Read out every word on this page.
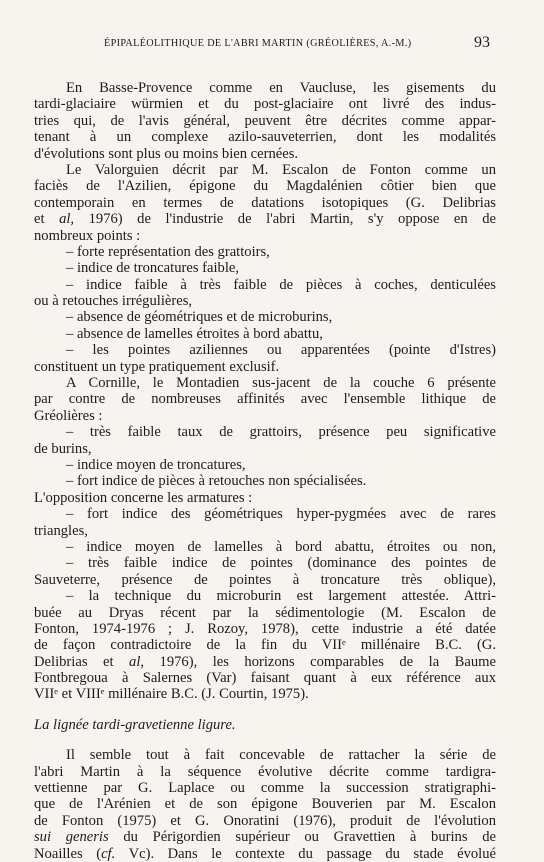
ÉPIPALÉOLITHIQUE DE L'ABRI MARTIN (GRÉOLIÈRES, A.-M.)	93
En Basse-Provence comme en Vaucluse, les gisements du
tardi-glaciaire würmien et du post-glaciaire ont livré des indus-
tries qui, de l'avis général, peuvent être décrites comme appar-
tenant à un complexe azilo-sauveterrien, dont les modalités
d'évolutions sont plus ou moins bien cernées.
Le Valorguien décrit par M. Escalon de Fonton comme un
faciès de l'Azilien, épigone du Magdalénien côtier bien que
contemporain en termes de datations isotopiques (G. Delibrias
et al, 1976) de l'industrie de l'abri Martin, s'y oppose en de
nombreux points :
– forte représentation des grattoirs,
– indice de troncatures faible,
– indice faible à très faible de pièces à coches, denticulées
ou à retouches irrégulières,
– absence de géométriques et de microburins,
– absence de lamelles étroites à bord abattu,
– les pointes aziliennes ou apparentées (pointe d'Istres)
constituent un type pratiquement exclusif.
A Cornille, le Montadien sus-jacent de la couche 6 présente
par contre de nombreuses affinités avec l'ensemble lithique de
Gréolières :
– très faible taux de grattoirs, présence peu significative
de burins,
– indice moyen de troncatures,
– fort indice de pièces à retouches non spécialisées.
L'opposition concerne les armatures :
– fort indice des géométriques hyper-pygmées avec de rares
triangles,
– indice moyen de lamelles à bord abattu, étroites ou non,
– très faible indice de pointes (dominance des pointes de
Sauveterre, présence de pointes à troncature très oblique),
– la technique du microburin est largement attestée. Attri-
buée au Dryas récent par la sédimentologie (M. Escalon de
Fonton, 1974-1976 ; J. Rozoy, 1978), cette industrie a été datée
de façon contradictoire de la fin du VIIᵉ millénaire B.C. (G.
Delibrias et al, 1976), les horizons comparables de la Baume
Fontbregoua à Salernes (Var) faisant quant à eux référence aux
VIIᵉ et VIIIᵉ millénaire B.C. (J. Courtin, 1975).
La lignée tardi-gravetienne ligure.
Il semble tout à fait concevable de rattacher la série de
l'abri Martin à la séquence évolutive décrite comme tardigra-
vettienne par G. Laplace ou comme la succession stratigraphi-
que de l'Arénien et de son épigone Bouverien par M. Escalon
de Fonton (1975) et G. Onoratini (1976), produit de l'évolution
sui generis du Périgordien supérieur ou Gravettien à burins de
Noailles (cf. Vc). Dans le contexte du passage du stade évolué
